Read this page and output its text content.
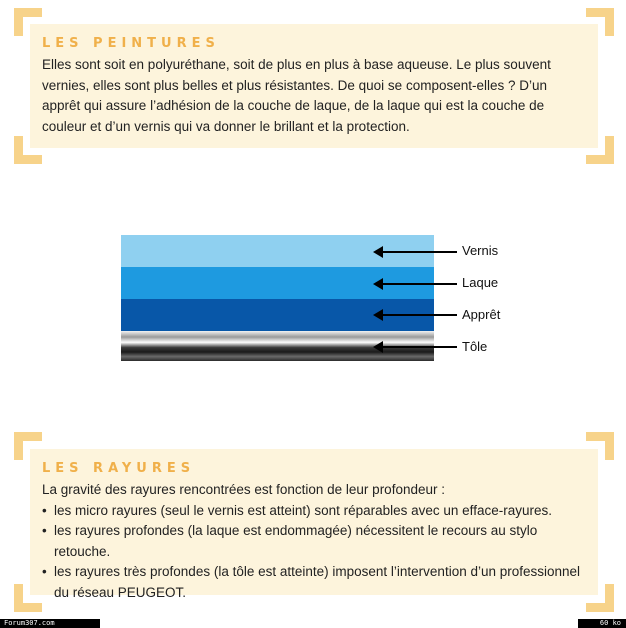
LES PEINTURES
Elles sont soit en polyuréthane, soit de plus en plus à base aqueuse. Le plus souvent vernies, elles sont plus belles et plus résistantes. De quoi se composent-elles ? D’un apprêt qui assure l’adhésion de la couche de laque, de la laque qui est la couche de couleur et d’un vernis qui va donner le brillant et la protection.
Vernis
Laque
Apprêt
Tôle
LES RAYURES
La gravité des rayures rencontrées est fonction de leur profondeur :
• les micro rayures (seul le vernis est atteint) sont réparables avec un efface-rayures.
• les rayures profondes (la laque est endommagée) nécessitent le recours au stylo retouche.
• les rayures très profondes (la tôle est atteinte) imposent l’intervention d’un professionnel du réseau PEUGEOT.
Forum307.com	60 ko
